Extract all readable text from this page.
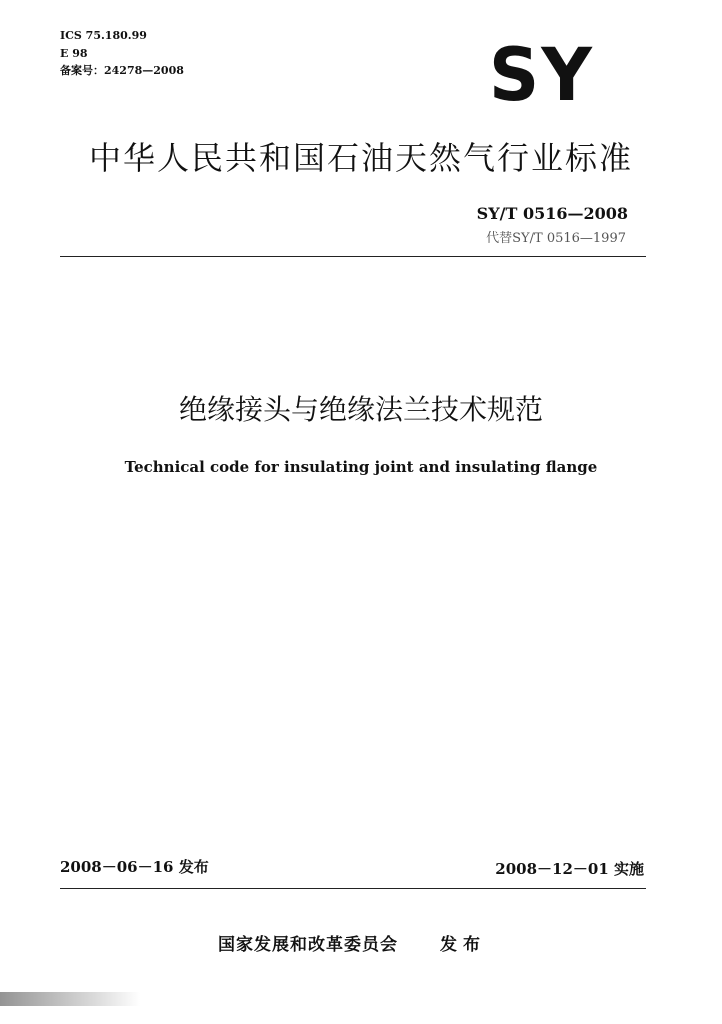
ICS 75.180.99
E 98
备案号：24278—2008	SY
中华人民共和国石油天然气行业标准
SY/T 0516—2008
代替SY/T 0516—1997
绝缘接头与绝缘法兰技术规范
Technical code for insulating joint and insulating flange
2008－06－16 发布	2008－12－01 实施
国家发展和改革委员会 发布
